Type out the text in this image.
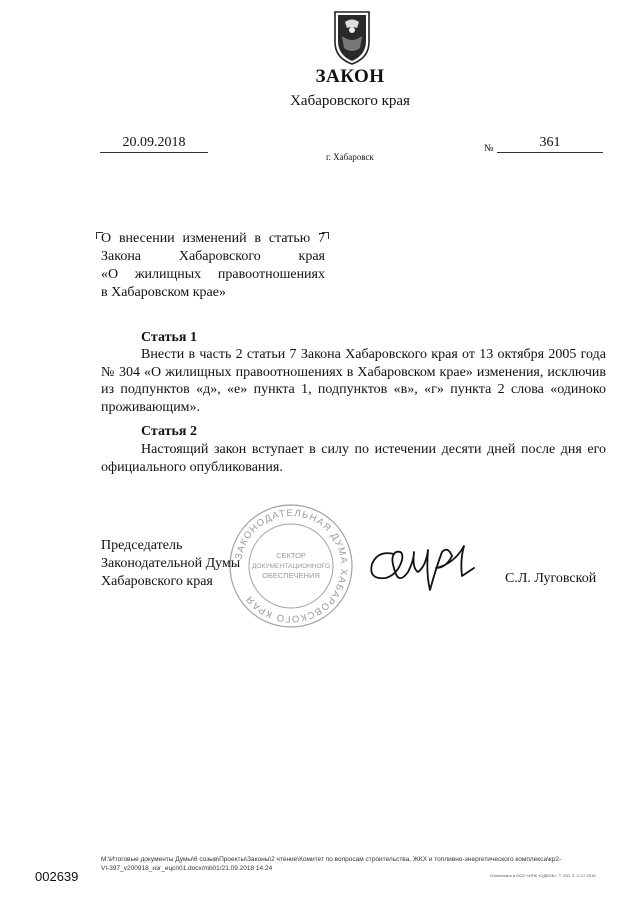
ЗАКОН
Хабаровского края
20.09.2018	№	361
г. Хабаровск
О внесении изменений в статью 7
Закона	Хабаровского	края
«О жилищных правоотношениях
в Хабаровском крае»
Статья 1
Внести в часть 2 статьи 7 Закона Хабаровского края от 13 октября 2005 года № 304 «О жилищных правоотношениях в Хабаровском крае» изменения, исключив из подпунктов «д», «е» пункта 1, подпунктов «в», «г» пункта 2 слова «одиноко проживающим».
Статья 2
Настоящий закон вступает в силу по истечении десяти дней после дня его официального опубликования.
ЗАКОНОДАТЕЛЬНАЯ ДУМА ХАБАРОВСКОГО КРАЯ
СЕКТОР
ДОКУМЕНТАЦИОННОГО
ОБЕСПЕЧЕНИЯ
Председатель
Законодательной Думы
Хабаровского края	С.Л. Луговской
002639
M:\Итоговые документы Думы\6 созыв\Проекты\Законы\2 чтение\Комитет по вопросам строительства, ЖКХ и топливно-энергетического комплекса\кр2-
VI-397_v200918_изг_ецсп01.docx/mb01/21.09.2018 14:24
Отпечатано в ООО «ИПК «ОДБОБ», Т. 200, З. С-17-2018
